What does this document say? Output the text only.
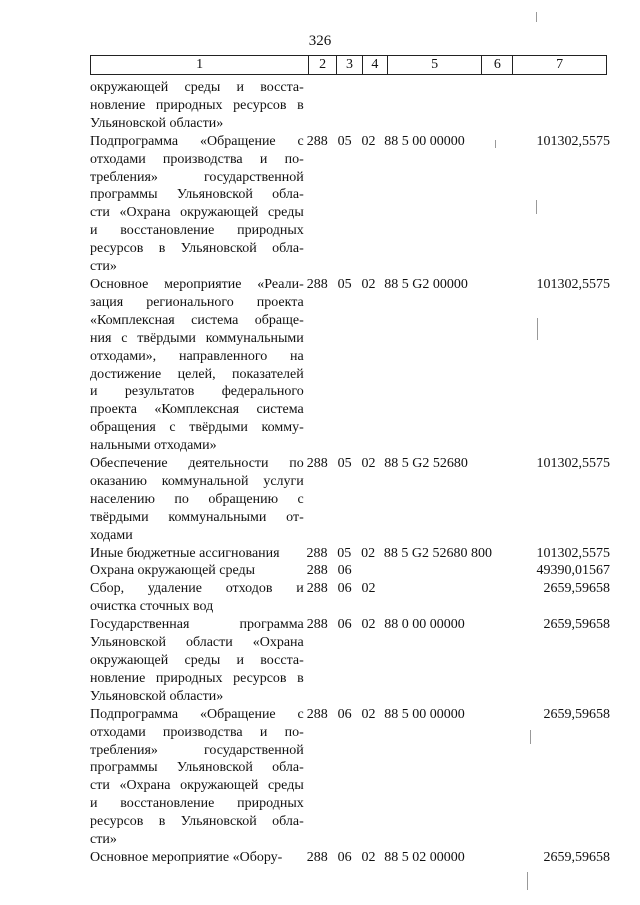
326
1	2	3	4	5	6	7
окружающей среды и восста-
новление природных ресурсов в
Ульяновской области»
Подпрограмма «Обращение с
отходами производства и по-
требления» государственной
программы Ульяновской обла-
сти «Охрана окружающей среды
и восстановление природных
ресурсов в Ульяновской обла-
сти»
288 05 02 88 5 00 00000	101302,5575
Основное мероприятие «Реали-
зация регионального проекта
«Комплексная система обраще-
ния с твёрдыми коммунальными
отходами», направленного на
достижение целей, показателей
и результатов федерального
проекта «Комплексная система
обращения с твёрдыми комму-
нальными отходами»
288 05 02 88 5 G2 00000	101302,5575
Обеспечение деятельности по
оказанию коммунальной услуги
населению по обращению с
твёрдыми коммунальными от-
ходами
288 05 02 88 5 G2 52680	101302,5575
Иные бюджетные ассигнования	288 05 02 88 5 G2 52680 800	101302,5575
Охрана окружающей среды	288 06	49390,01567
Сбор, удаление отходов и
очистка сточных вод
288 06 02	2659,59658
Государственная программа
Ульяновской области «Охрана
окружающей среды и восста-
новление природных ресурсов в
Ульяновской области»
288 06 02 88 0 00 00000	2659,59658
Подпрограмма «Обращение с
отходами производства и по-
требления» государственной
программы Ульяновской обла-
сти «Охрана окружающей среды
и восстановление природных
ресурсов в Ульяновской обла-
сти»
288 06 02 88 5 00 00000	2659,59658
Основное мероприятие «Обору-	288 06 02 88 5 02 00000	2659,59658
